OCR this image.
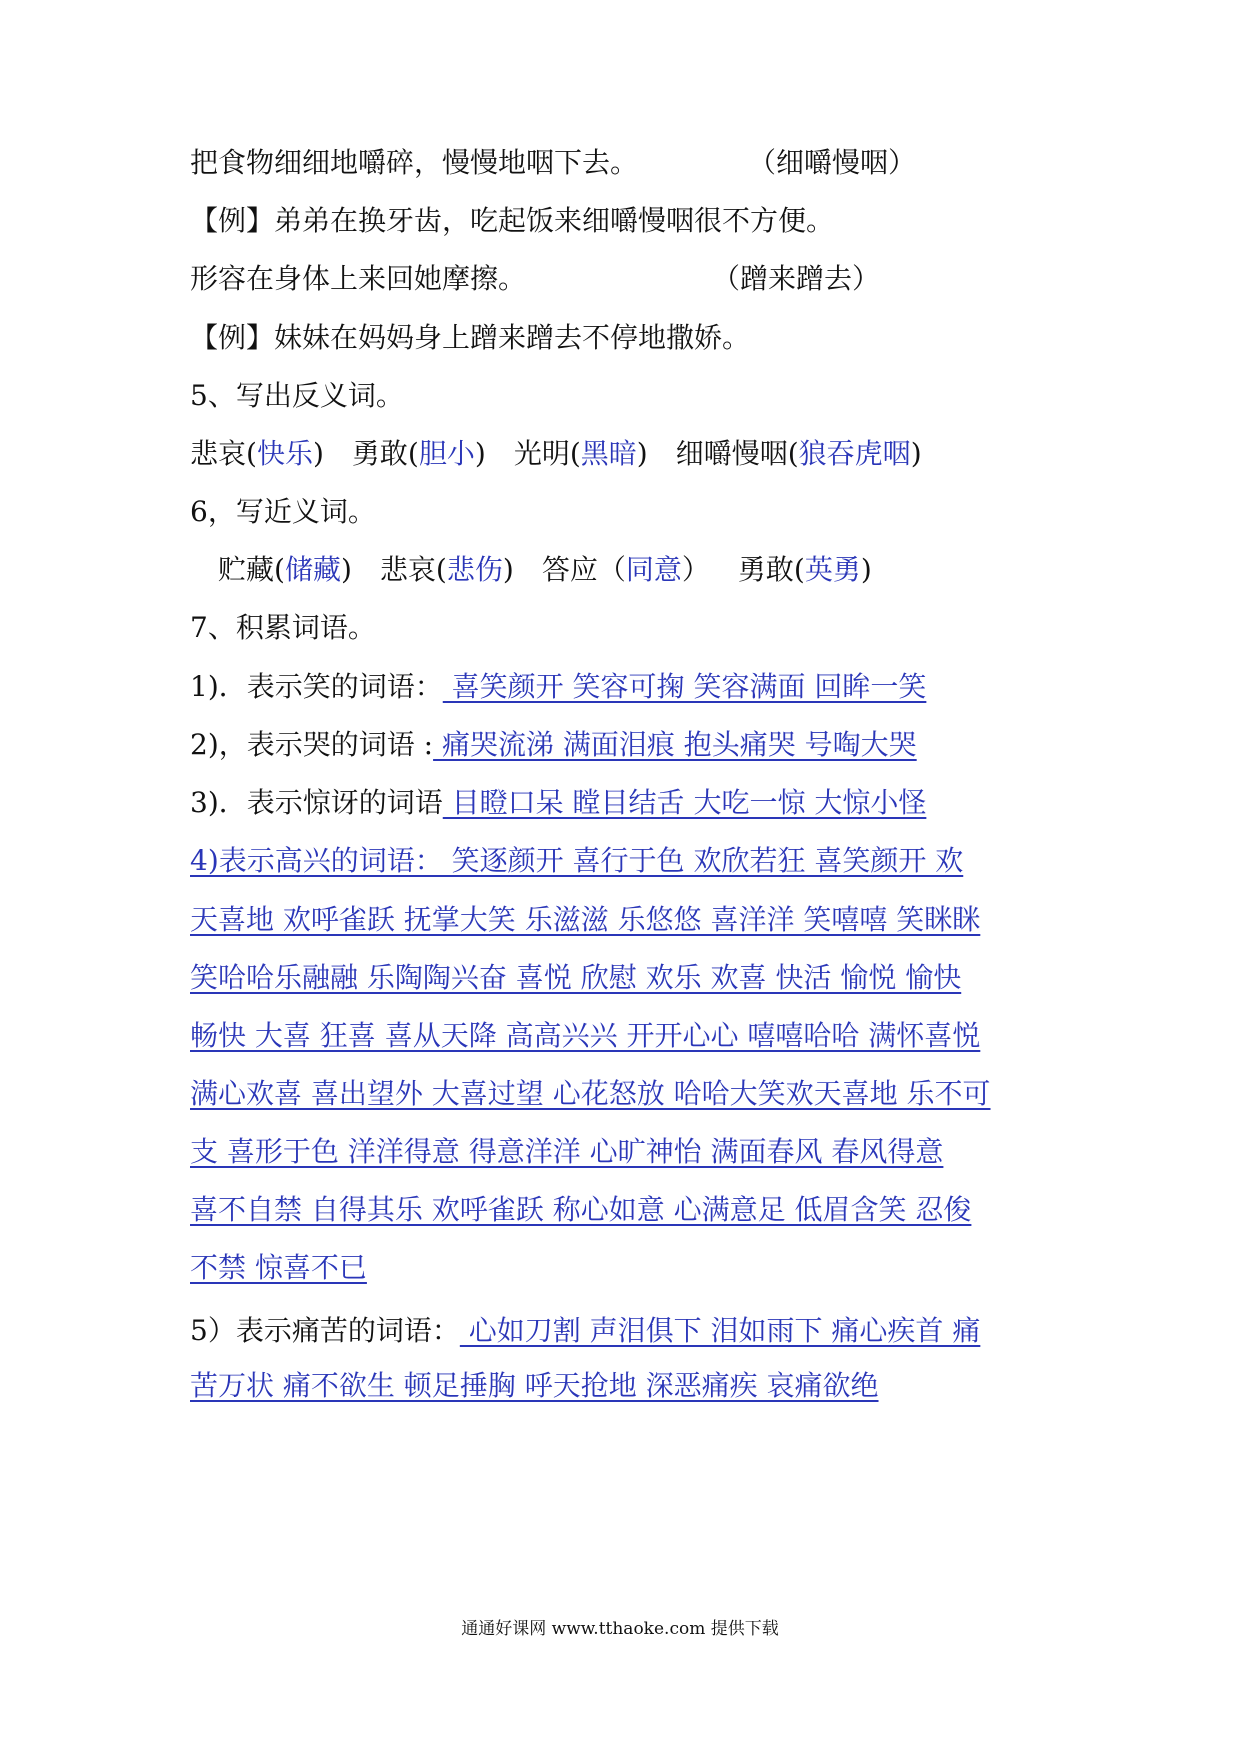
把食物细细地嚼碎，慢慢地咽下去。	（细嚼慢咽）
【例】弟弟在换牙齿，吃起饭来细嚼慢咽很不方便。
形容在身体上来回她摩擦。	（蹭来蹭去）
【例】妹妹在妈妈身上蹭来蹭去不停地撒娇。
5、写出反义词。
悲哀(快乐) 勇敢(胆小) 光明(黑暗) 细嚼慢咽(狼吞虎咽)
6，写近义词。
贮藏(储藏) 悲哀(悲伤) 答应（同意） 勇敢(英勇)
7、积累词语。
1)．表示笑的词语： 喜笑颜开 笑容可掬 笑容满面 回眸一笑
2)，表示哭的词语 : 痛哭流涕 满面泪痕 抱头痛哭 号啕大哭
3)．表示惊讶的词语 目瞪口呆 瞠目结舌 大吃一惊 大惊小怪
4)表示高兴的词语： 笑逐颜开 喜行于色 欢欣若狂 喜笑颜开 欢
天喜地 欢呼雀跃 抚掌大笑 乐滋滋 乐悠悠 喜洋洋 笑嘻嘻 笑眯眯
笑哈哈乐融融 乐陶陶兴奋 喜悦 欣慰 欢乐 欢喜 快活 愉悦 愉快
畅快 大喜 狂喜 喜从天降 高高兴兴 开开心心 嘻嘻哈哈 满怀喜悦
满心欢喜 喜出望外 大喜过望 心花怒放 哈哈大笑欢天喜地 乐不可
支 喜形于色 洋洋得意 得意洋洋 心旷神怡 满面春风 春风得意
喜不自禁 自得其乐 欢呼雀跃 称心如意 心满意足 低眉含笑 忍俊
不禁 惊喜不已
5）表示痛苦的词语： 心如刀割 声泪俱下 泪如雨下 痛心疾首 痛
苦万状 痛不欲生 顿足捶胸 呼天抢地 深恶痛疾 哀痛欲绝
通通好课网 www.tthaoke.com 提供下载
